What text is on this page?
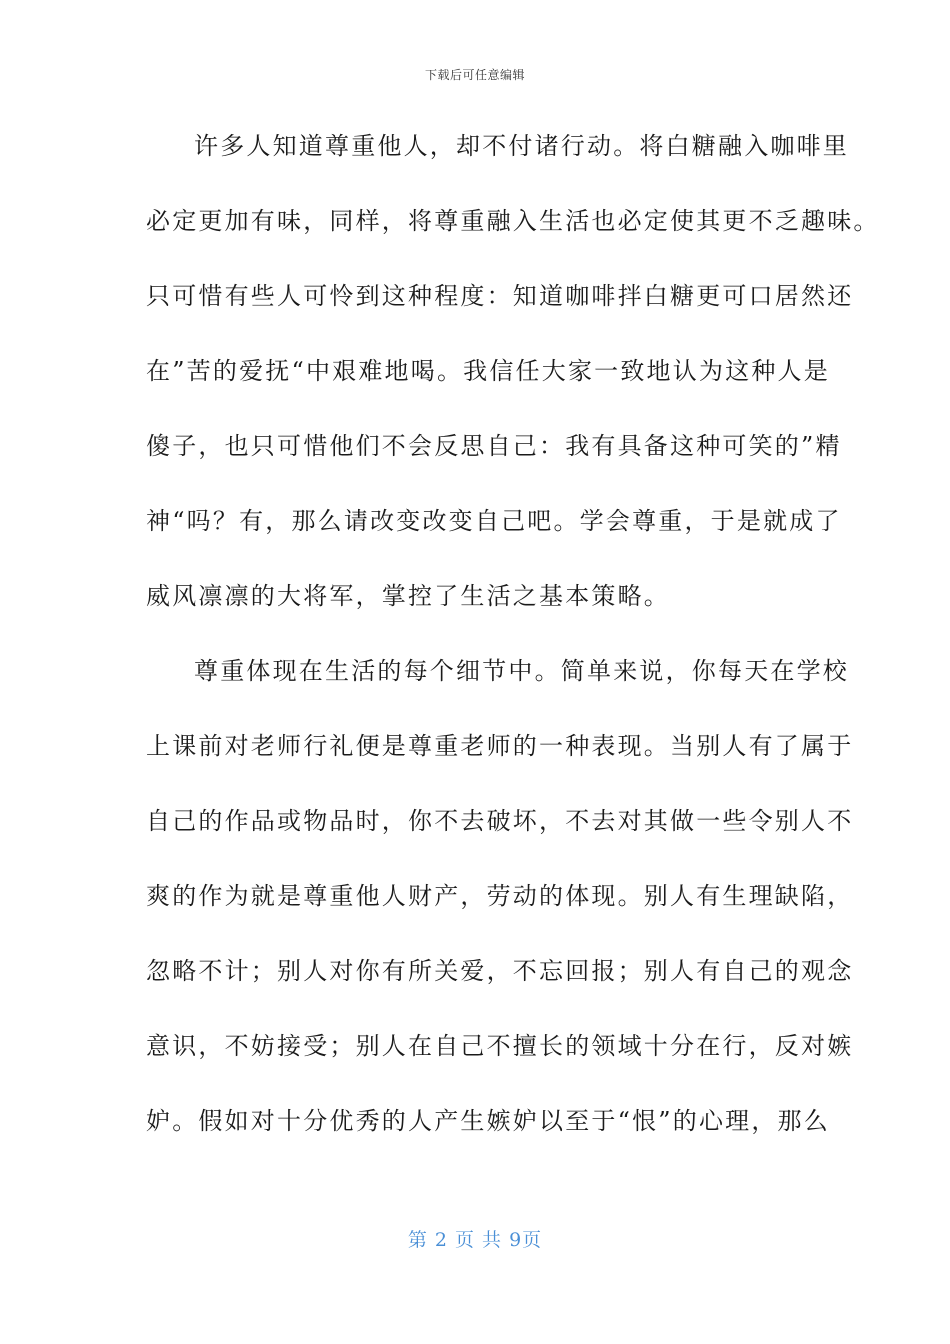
下载后可任意编辑
许多人知道尊重他人，却不付诸行动。将白糖融入咖啡里
必定更加有味，同样，将尊重融入生活也必定使其更不乏趣味。
只可惜有些人可怜到这种程度：知道咖啡拌白糖更可口居然还
在”苦的爱抚“中艰难地喝。我信任大家一致地认为这种人是
傻子，也只可惜他们不会反思自己：我有具备这种可笑的”精
神“吗？有，那么请改变改变自己吧。学会尊重，于是就成了
威风凛凛的大将军，掌控了生活之基本策略。
尊重体现在生活的每个细节中。简单来说，你每天在学校
上课前对老师行礼便是尊重老师的一种表现。当别人有了属于
自己的作品或物品时，你不去破坏，不去对其做一些令别人不
爽的作为就是尊重他人财产，劳动的体现。别人有生理缺陷，
忽略不计；别人对你有所关爱，不忘回报；别人有自己的观念
意识，不妨接受；别人在自己不擅长的领域十分在行，反对嫉
妒。假如对十分优秀的人产生嫉妒以至于“恨”的心理，那么
第 2 页 共 9页
